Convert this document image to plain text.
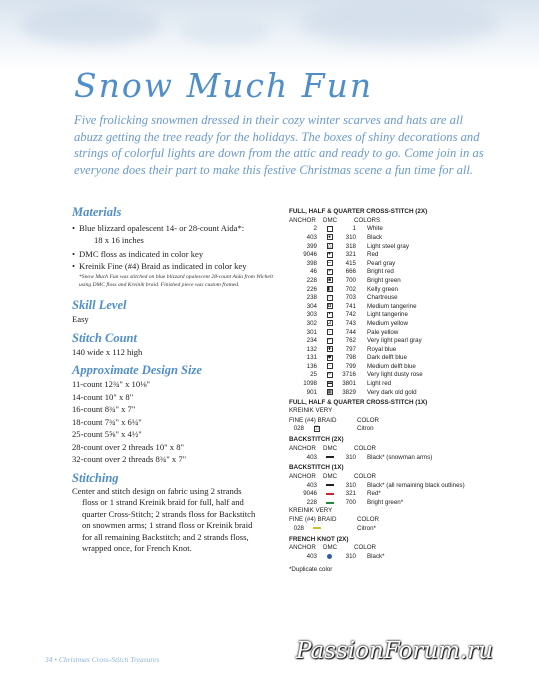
Snow Much Fun
Five frolicking snowmen dressed in their cozy winter scarves and hats are all abuzz getting the tree ready for the holidays. The boxes of shiny decorations and strings of colorful lights are down from the attic and ready to go. Come join in as everyone does their part to make this festive Christmas scene a fun time for all.
Materials
• Blue blizzard opalescent 14- or 28-count Aida*:
18 x 16 inches
• DMC floss as indicated in color key
• Kreinik Fine (#4) Braid as indicated in color key
*Snow Much Fun was stitched on blue blizzard opalescent 28-count Aida from Wichelt using DMC floss and Kreinik braid. Finished piece was custom framed.
Skill Level
Easy
Stitch Count
140 wide x 112 high
Approximate Design Size
11-count 12¾" x 10⅛"
14-count 10" x 8"
16-count 8¾" x 7"
18-count 7¾" x 6¼"
25-count 5⅝" x 4½"
28-count over 2 threads 10" x 8"
32-count over 2 threads 8¾" x 7"
Stitching
Center and stitch design on fabric using 2 strands
floss or 1 strand Kreinik braid for full, half and
quarter Cross-Stitch; 2 strands floss for Backstitch
on snowmen arms; 1 strand floss or Kreinik braid
for all remaining Backstitch; and 2 strands floss,
wrapped once, for French Knot.
FULL, HALF & QUARTER CROSS-STITCH (2X)
ANCHOR DMC	COLORS
2	1 White
403 ●	310 Black
399 △	318 Light steel gray
9046	♥	321 Red
398 ∼	415 Pearl gray
46	+	666 Bright red
228 ■	700 Bright green
226 ◧	702 Kelly green
238 ○	703 Chartreuse
304 ✿	741 Medium tangerine
303	▪	742 Light tangerine
302 ⊿	743 Medium yellow
301	◦	744 Pale yellow
234	−	762 Very light pearl gray
132 ✚	797 Royal blue
131 ◆	798 Dark delft blue
136	▫	799 Medium delft blue
25 ⋄	3716 Very light dusty rose
1098 ▬	3801 Light red
901 ▦	3829 Very dark old gold
FULL, HALF & QUARTER CROSS-STITCH (1X)
KREINIK VERY
FINE (#4) BRAID	COLOR
028 ◫	Citron
BACKSTITCH (2X)
ANCHOR DMC	COLOR
403	310 Black* (snowman arms)
BACKSTITCH (1X)
ANCHOR DMC	COLOR
403	310 Black* (all remaining black outlines)
9046	321 Red*
228	700 Bright green*
KREINIK VERY
FINE (#4) BRAID	COLOR
028	Citron*
FRENCH KNOT (2X)
ANCHOR DMC	COLOR
403	310 Black*
*Duplicate color
34 • Christmas Cross-Stitch Treasures	PassionForum.ru
